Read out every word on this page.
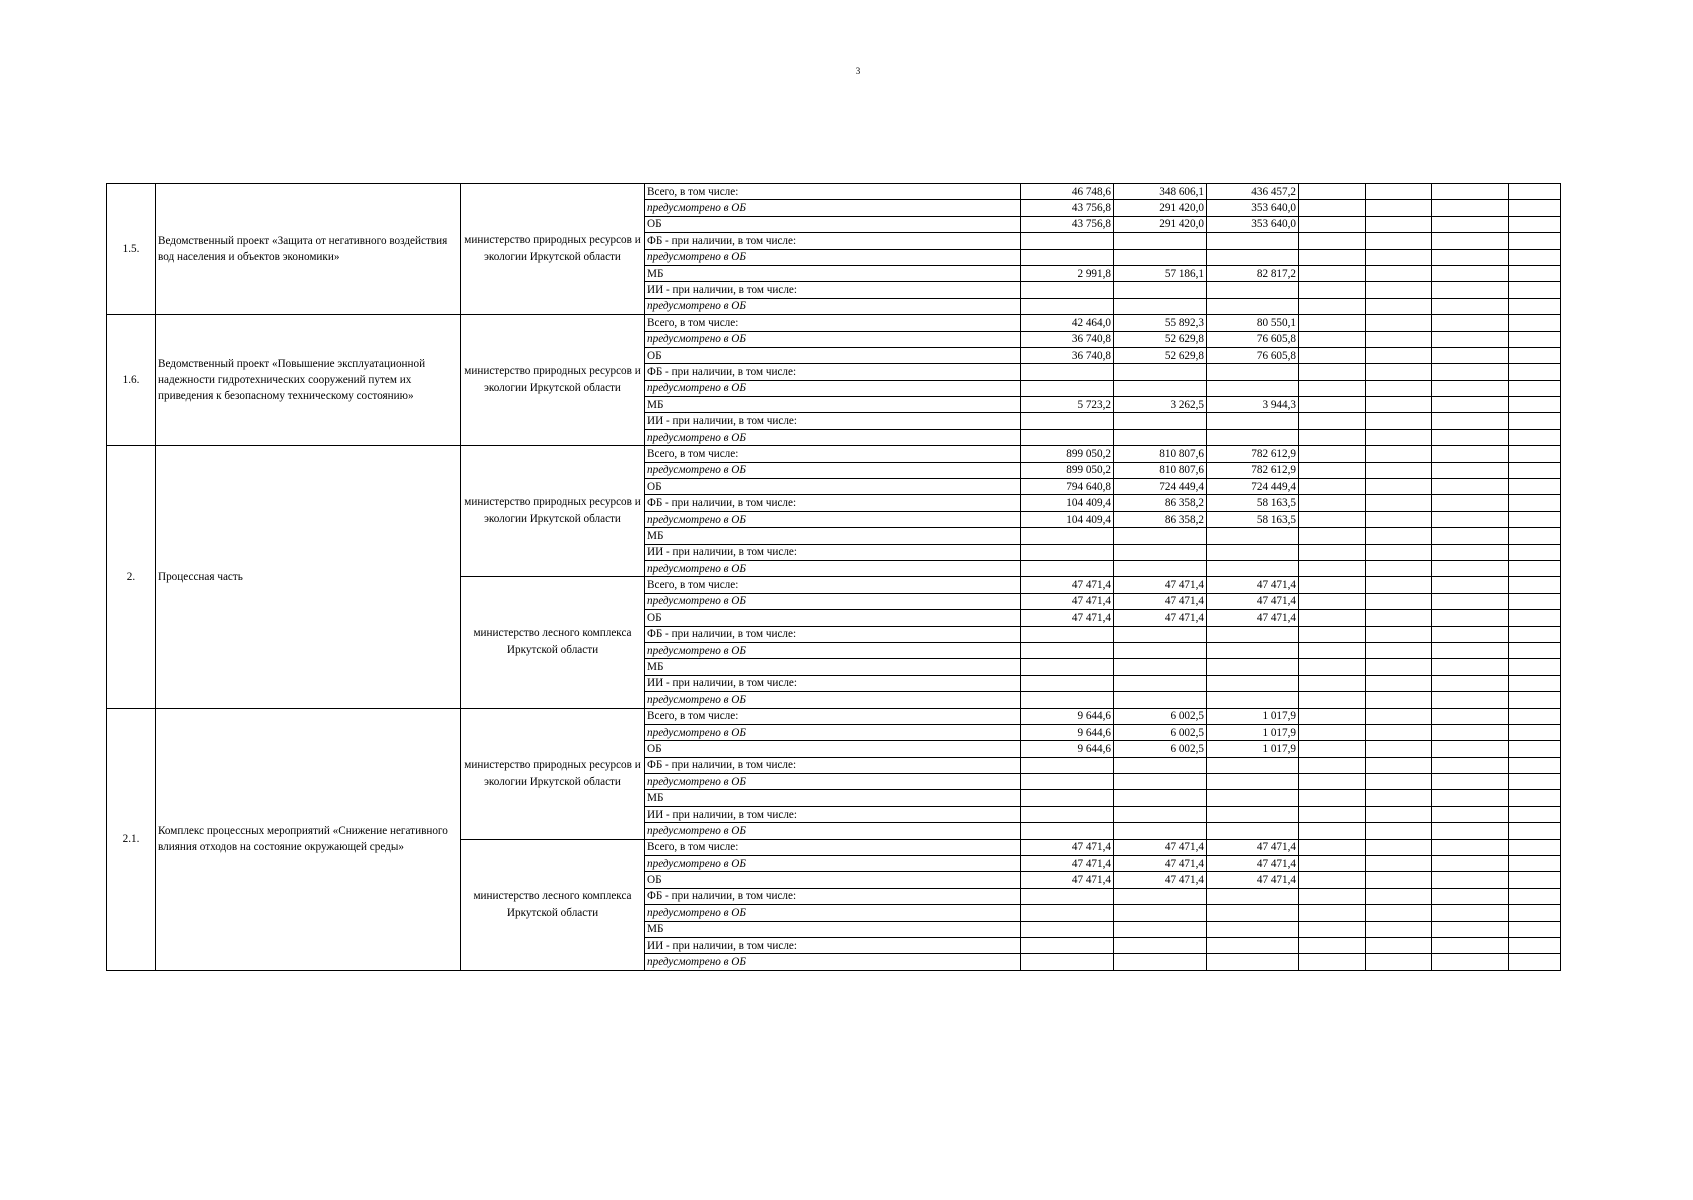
3
1.5.	Ведомственный проект «Защита от негативного воздействия вод населения и объектов экономики»	министерство природных ресурсов и экологии Иркутской области	Всего, в том числе:	46 748,6	348 606,1	436 457,2				
			предусмотрено в ОБ	43 756,8	291 420,0	353 640,0				
			ОБ	43 756,8	291 420,0	353 640,0				
			ФБ - при наличии, в том числе:							
			предусмотрено в ОБ							
			МБ	2 991,8	57 186,1	82 817,2				
			ИИ - при наличии, в том числе:							
			предусмотрено в ОБ							
1.6.	Ведомственный проект «Повышение эксплуатационной надежности гидротехнических сооружений путем их приведения к безопасному техническому состоянию»	министерство природных ресурсов и экологии Иркутской области	Всего, в том числе:	42 464,0	55 892,3	80 550,1				
			предусмотрено в ОБ	36 740,8	52 629,8	76 605,8				
			ОБ	36 740,8	52 629,8	76 605,8				
			ФБ - при наличии, в том числе:							
			предусмотрено в ОБ							
			МБ	5 723,2	3 262,5	3 944,3				
			ИИ - при наличии, в том числе:							
			предусмотрено в ОБ							
2.	Процессная часть	министерство природных ресурсов и экологии Иркутской области	Всего, в том числе:	899 050,2	810 807,6	782 612,9				
			предусмотрено в ОБ	899 050,2	810 807,6	782 612,9				
			ОБ	794 640,8	724 449,4	724 449,4				
			ФБ - при наличии, в том числе:	104 409,4	86 358,2	58 163,5				
			предусмотрено в ОБ	104 409,4	86 358,2	58 163,5				
			МБ							
			ИИ - при наличии, в том числе:							
			предусмотрено в ОБ							
		министерство лесного комплекса Иркутской области	Всего, в том числе:	47 471,4	47 471,4	47 471,4				
			предусмотрено в ОБ	47 471,4	47 471,4	47 471,4				
			ОБ	47 471,4	47 471,4	47 471,4				
			ФБ - при наличии, в том числе:							
			предусмотрено в ОБ							
			МБ							
			ИИ - при наличии, в том числе:							
			предусмотрено в ОБ							
2.1.	Комплекс процессных мероприятий «Снижение негативного влияния отходов на состояние окружающей среды»	министерство природных ресурсов и экологии Иркутской области	Всего, в том числе:	9 644,6	6 002,5	1 017,9				
			предусмотрено в ОБ	9 644,6	6 002,5	1 017,9				
			ОБ	9 644,6	6 002,5	1 017,9				
			ФБ - при наличии, в том числе:							
			предусмотрено в ОБ							
			МБ							
			ИИ - при наличии, в том числе:							
			предусмотрено в ОБ							
		министерство лесного комплекса Иркутской области	Всего, в том числе:	47 471,4	47 471,4	47 471,4				
			предусмотрено в ОБ	47 471,4	47 471,4	47 471,4				
			ОБ	47 471,4	47 471,4	47 471,4				
			ФБ - при наличии, в том числе:							
			предусмотрено в ОБ							
			МБ							
			ИИ - при наличии, в том числе:							
			предусмотрено в ОБ							
